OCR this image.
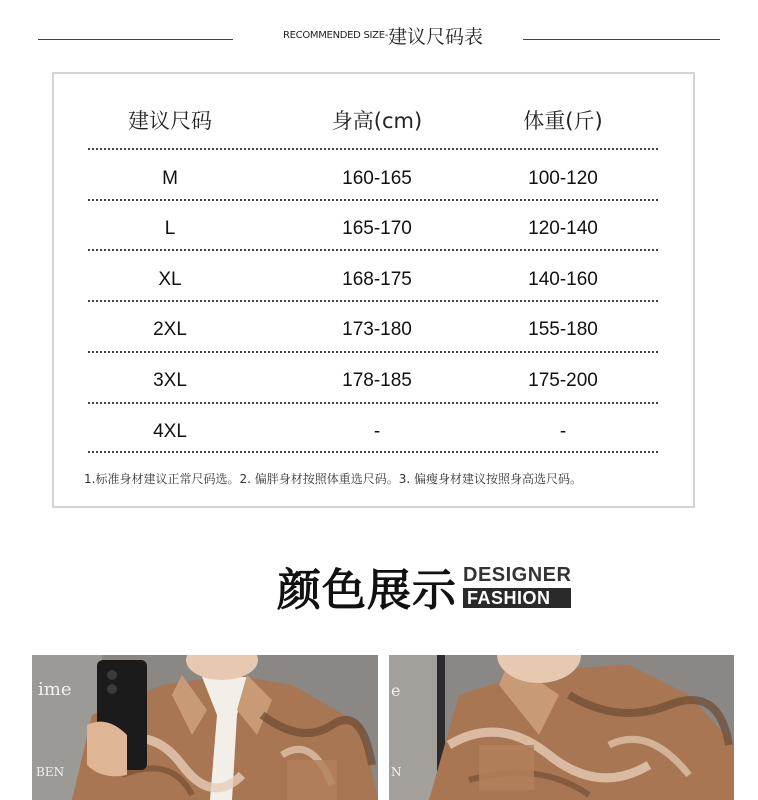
RECOMMENDED SIZE-建议尺码表
建议尺码	身高(cm)	体重(斤)
M	160-165	100-120
L	165-170	120-140
XL	168-175	140-160
2XL	173-180	155-180
3XL	178-185	175-200
4XL	-	-
1.标准身材建议正常尺码选。2. 偏胖身材按照体重选尺码。3. 偏瘦身材建议按照身高选尺码。
颜色展示 DESIGNER
FASHION
ime
BEN
e
N
